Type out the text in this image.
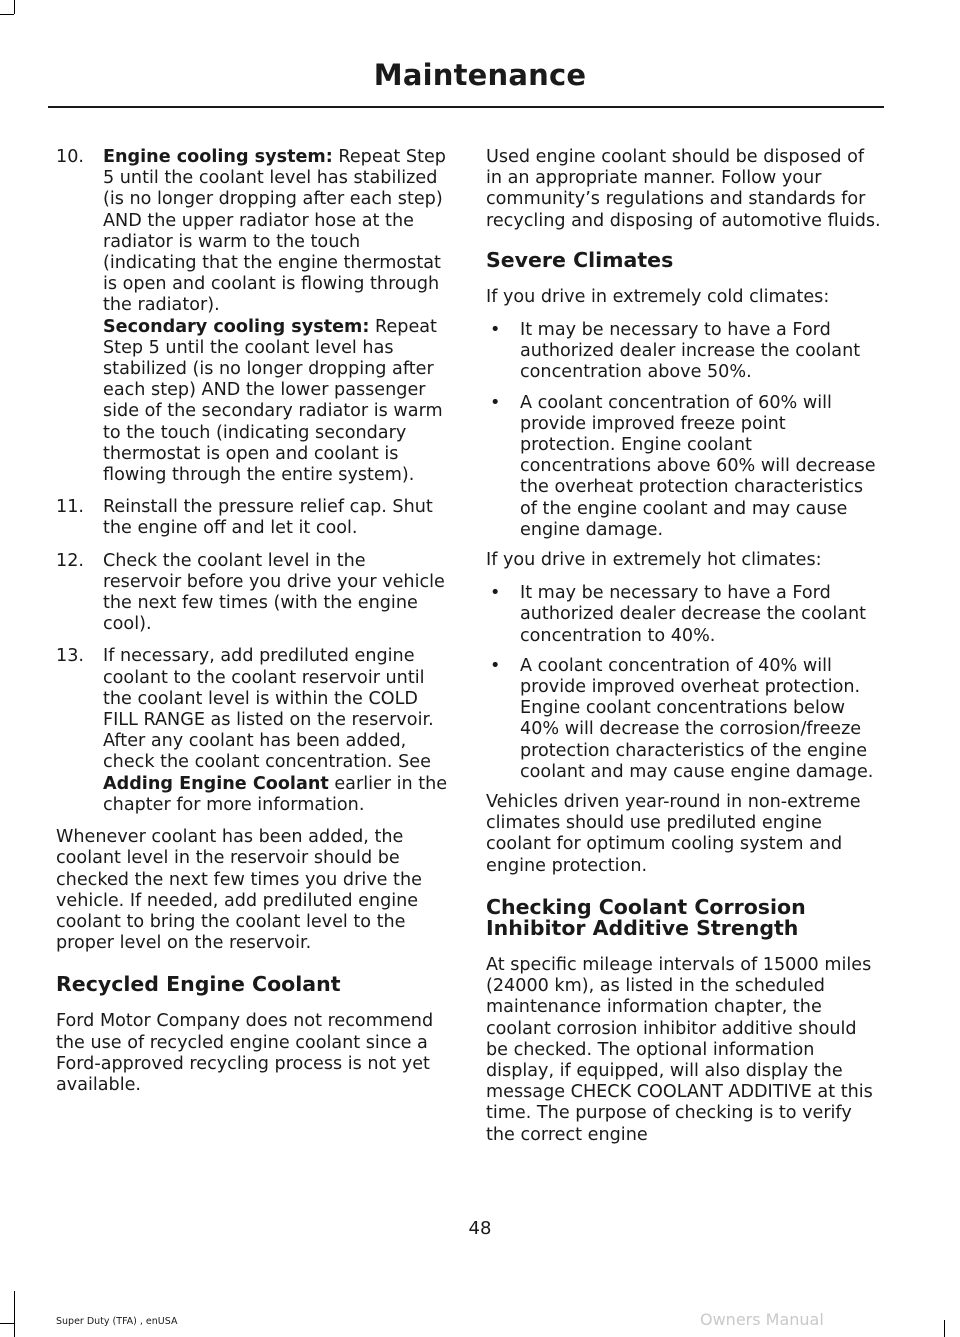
Maintenance
10. Engine cooling system: Repeat Step 5 until the coolant level has stabilized (is no longer dropping after each step) AND the upper radiator hose at the radiator is warm to the touch (indicating that the engine thermostat is open and coolant is flowing through the radiator).
Secondary cooling system: Repeat Step 5 until the coolant level has stabilized (is no longer dropping after each step) AND the lower passenger side of the secondary radiator is warm to the touch (indicating secondary thermostat is open and coolant is flowing through the entire system).
11. Reinstall the pressure relief cap. Shut the engine off and let it cool.
12. Check the coolant level in the reservoir before you drive your vehicle the next few times (with the engine cool).
13. If necessary, add prediluted engine coolant to the coolant reservoir until the coolant level is within the COLD FILL RANGE as listed on the reservoir. After any coolant has been added, check the coolant concentration. See Adding Engine Coolant earlier in the chapter for more information.

Whenever coolant has been added, the coolant level in the reservoir should be checked the next few times you drive the vehicle. If needed, add prediluted engine coolant to bring the coolant level to the proper level on the reservoir.

Recycled Engine Coolant

Ford Motor Company does not recommend the use of recycled engine coolant since a Ford-approved recycling process is not yet available.

Used engine coolant should be disposed of in an appropriate manner. Follow your community’s regulations and standards for recycling and disposing of automotive fluids.

Severe Climates

If you drive in extremely cold climates:

• It may be necessary to have a Ford authorized dealer increase the coolant concentration above 50%.
• A coolant concentration of 60% will provide improved freeze point protection. Engine coolant concentrations above 60% will decrease the overheat protection characteristics of the engine coolant and may cause engine damage.

If you drive in extremely hot climates:

• It may be necessary to have a Ford authorized dealer decrease the coolant concentration to 40%.
• A coolant concentration of 40% will provide improved overheat protection. Engine coolant concentrations below 40% will decrease the corrosion/freeze protection characteristics of the engine coolant and may cause engine damage.

Vehicles driven year-round in non-extreme climates should use prediluted engine coolant for optimum cooling system and engine protection.

Checking Coolant Corrosion
Inhibitor Additive Strength

At specific mileage intervals of 15000 miles (24000 km), as listed in the scheduled maintenance information chapter, the coolant corrosion inhibitor additive should be checked. The optional information display, if equipped, will also display the message CHECK COOLANT ADDITIVE at this time. The purpose of checking is to verify the correct engine

48
Super Duty (TFA) , enUSA	Owners Manual
